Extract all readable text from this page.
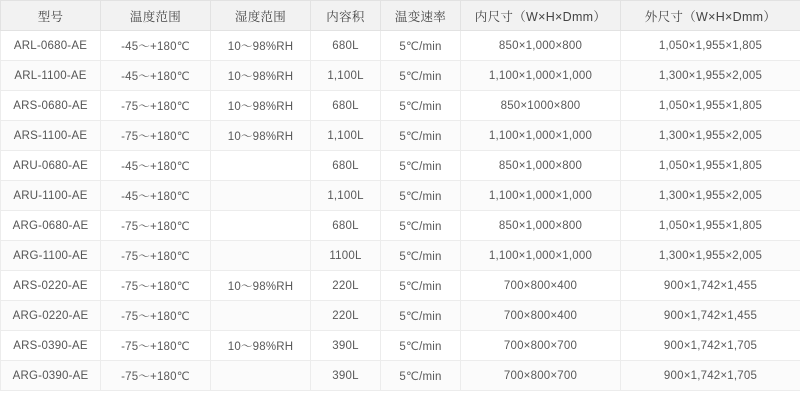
型号	温度范围	湿度范围	内容积	温变速率	内尺寸（W×H×Dmm）	外尺寸（W×H×Dmm）
ARL-0680-AE	-45～+180℃	10～98%RH	680L	5℃/min	850×1,000×800	1,050×1,955×1,805
ARL-1100-AE	-45～+180℃	10～98%RH	1,100L	5℃/min	1,100×1,000×1,000	1,300×1,955×2,005
ARS-0680-AE	-75～+180℃	10～98%RH	680L	5℃/min	850×1000×800	1,050×1,955×1,805
ARS-1100-AE	-75～+180℃	10～98%RH	1,100L	5℃/min	1,100×1,000×1,000	1,300×1,955×2,005
ARU-0680-AE	-45～+180℃		680L	5℃/min	850×1,000×800	1,050×1,955×1,805
ARU-1100-AE	-45～+180℃		1,100L	5℃/min	1,100×1,000×1,000	1,300×1,955×2,005
ARG-0680-AE	-75～+180℃		680L	5℃/min	850×1,000×800	1,050×1,955×1,805
ARG-1100-AE	-75～+180℃		1100L	5℃/min	1,100×1,000×1,000	1,300×1,955×2,005
ARS-0220-AE	-75～+180℃	10～98%RH	220L	5℃/min	700×800×400	900×1,742×1,455
ARG-0220-AE	-75～+180℃		220L	5℃/min	700×800×400	900×1,742×1,455
ARS-0390-AE	-75～+180℃	10～98%RH	390L	5℃/min	700×800×700	900×1,742×1,705
ARG-0390-AE	-75～+180℃		390L	5℃/min	700×800×700	900×1,742×1,705
